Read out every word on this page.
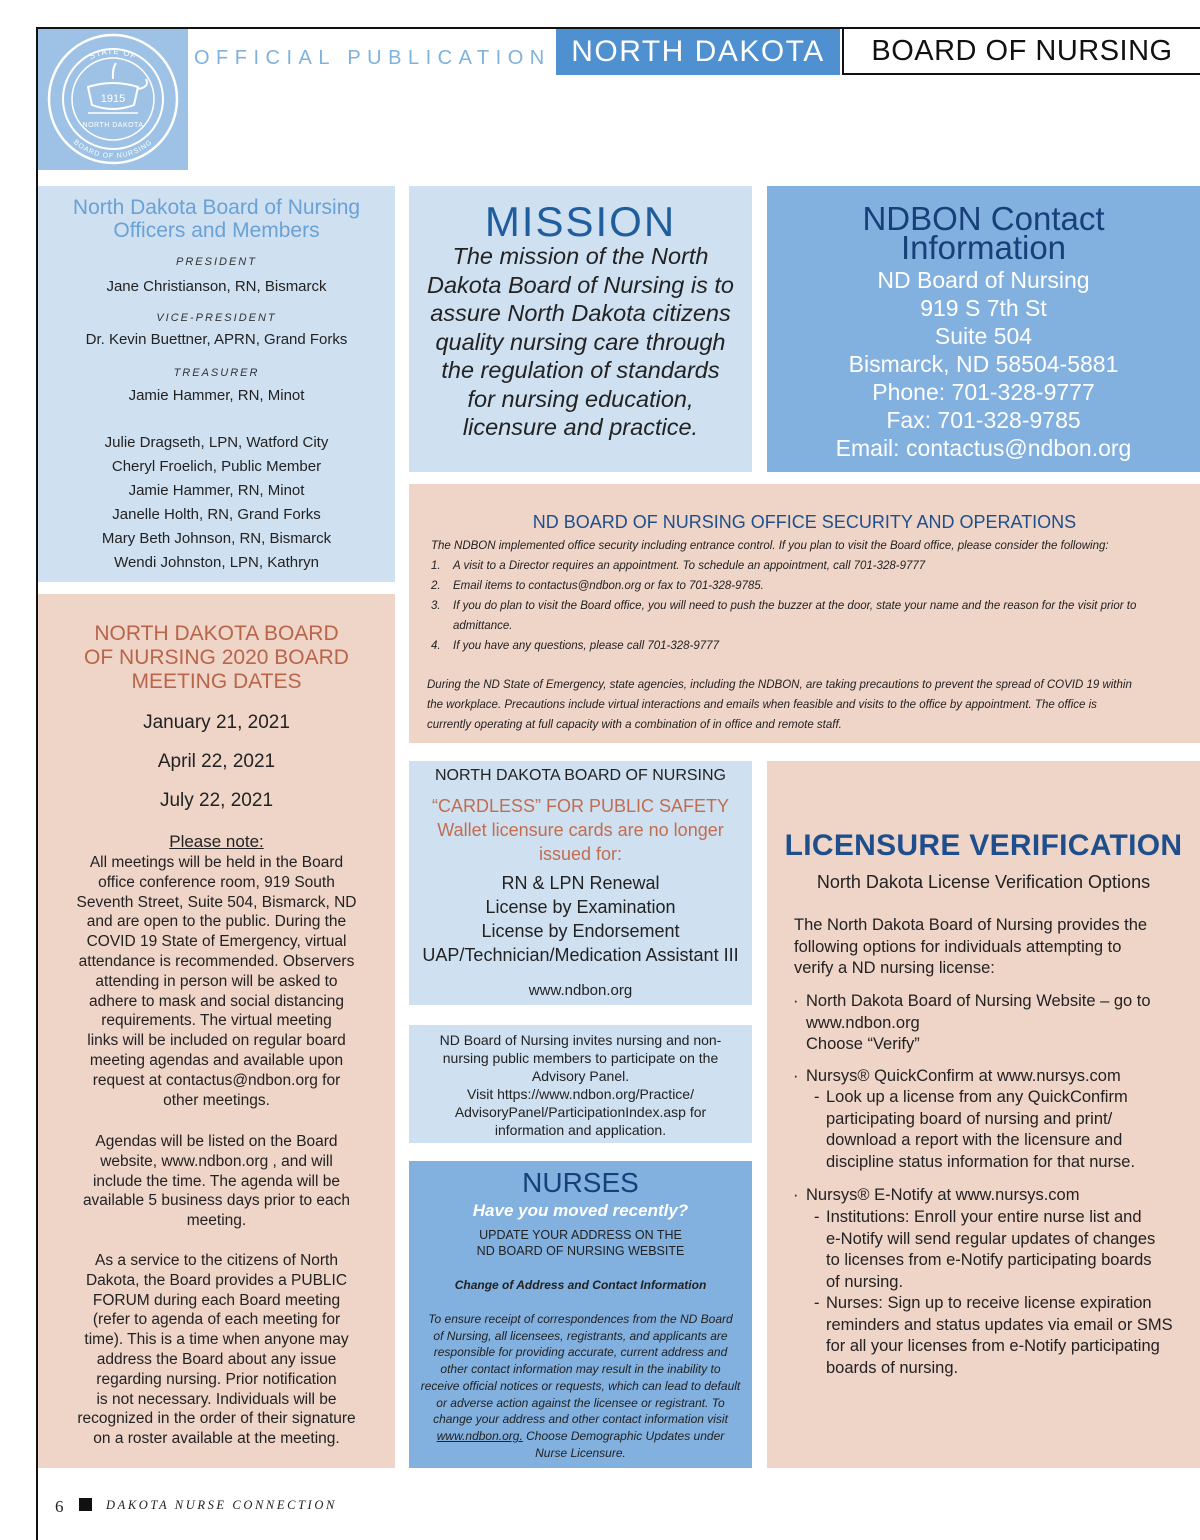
STATE OF
BOARD OF NURSING
1915
NORTH DAKOTA
OFFICIAL PUBLICATION NORTH DAKOTA	BOARD OF NURSING
North Dakota Board of Nursing
Officers and Members
PRESIDENT
Jane Christianson, RN, Bismarck
VICE-PRESIDENT
Dr. Kevin Buettner, APRN, Grand Forks
TREASURER
Jamie Hammer, RN, Minot
Julie Dragseth, LPN, Watford City
Cheryl Froelich, Public Member
Jamie Hammer, RN, Minot
Janelle Holth, RN, Grand Forks
Mary Beth Johnson, RN, Bismarck
Wendi Johnston, LPN, Kathryn
MISSION
The mission of the North
Dakota Board of Nursing is to
assure North Dakota citizens
quality nursing care through
the regulation of standards
for nursing education,
licensure and practice.
NDBON Contact
Information
ND Board of Nursing
919 S 7th St
Suite 504
Bismarck, ND 58504-5881
Phone: 701-328-9777
Fax: 701-328-9785
Email: contactus@ndbon.org
ND BOARD OF NURSING OFFICE SECURITY AND OPERATIONS
The NDBON implemented office security including entrance control. If you plan to visit the Board office, please consider the following:
1. A visit to a Director requires an appointment. To schedule an appointment, call 701-328-9777
2. Email items to contactus@ndbon.org or fax to 701-328-9785.
3. If you do plan to visit the Board office, you will need to push the buzzer at the door, state your name and the reason for the visit prior to
admittance.
4. If you have any questions, please call 701-328-9777
During the ND State of Emergency, state agencies, including the NDBON, are taking precautions to prevent the spread of COVID 19 within
the workplace. Precautions include virtual interactions and emails when feasible and visits to the office by appointment. The office is
currently operating at full capacity with a combination of in office and remote staff.
NORTH DAKOTA BOARD
OF NURSING 2020 BOARD
MEETING DATES
January 21, 2021
April 22, 2021
July 22, 2021
Please note:
All meetings will be held in the Board
office conference room, 919 South
Seventh Street, Suite 504, Bismarck, ND
and are open to the public. During the
COVID 19 State of Emergency, virtual
attendance is recommended. Observers
attending in person will be asked to
adhere to mask and social distancing
requirements. The virtual meeting
links will be included on regular board
meeting agendas and available upon
request at contactus@ndbon.org for
other meetings.
Agendas will be listed on the Board
website, www.ndbon.org , and will
include the time. The agenda will be
available 5 business days prior to each
meeting.
As a service to the citizens of North
Dakota, the Board provides a PUBLIC
FORUM during each Board meeting
(refer to agenda of each meeting for
time). This is a time when anyone may
address the Board about any issue
regarding nursing. Prior notification
is not necessary. Individuals will be
recognized in the order of their signature
on a roster available at the meeting.
NORTH DAKOTA BOARD OF NURSING
“CARDLESS” FOR PUBLIC SAFETY
Wallet licensure cards are no longer
issued for:
RN & LPN Renewal
License by Examination
License by Endorsement
UAP/Technician/Medication Assistant III
www.ndbon.org
ND Board of Nursing invites nursing and non-
nursing public members to participate on the
Advisory Panel.
Visit https://www.ndbon.org/Practice/
AdvisoryPanel/ParticipationIndex.asp for
information and application.
NURSES
Have you moved recently?
UPDATE YOUR ADDRESS ON THE
ND BOARD OF NURSING WEBSITE
Change of Address and Contact Information
To ensure receipt of correspondences from the ND Board
of Nursing, all licensees, registrants, and applicants are
responsible for providing accurate, current address and
other contact information may result in the inability to
receive official notices or requests, which can lead to default
or adverse action against the licensee or registrant. To
change your address and other contact information visit
www.ndbon.org. Choose Demographic Updates under
Nurse Licensure.
LICENSURE VERIFICATION
North Dakota License Verification Options
The North Dakota Board of Nursing provides the
following options for individuals attempting to
verify a ND nursing license:
· North Dakota Board of Nursing Website – go to
www.ndbon.org
Choose “Verify”
· Nursys® QuickConfirm at www.nursys.com
- Look up a license from any QuickConfirm
participating board of nursing and print/
download a report with the licensure and
discipline status information for that nurse.
· Nursys® E-Notify at www.nursys.com
- Institutions: Enroll your entire nurse list and
e-Notify will send regular updates of changes
to licenses from e-Notify participating boards
of nursing.
- Nurses: Sign up to receive license expiration
reminders and status updates via email or SMS
for all your licenses from e-Notify participating
boards of nursing.
6	DAKOTA NURSE CONNECTION
